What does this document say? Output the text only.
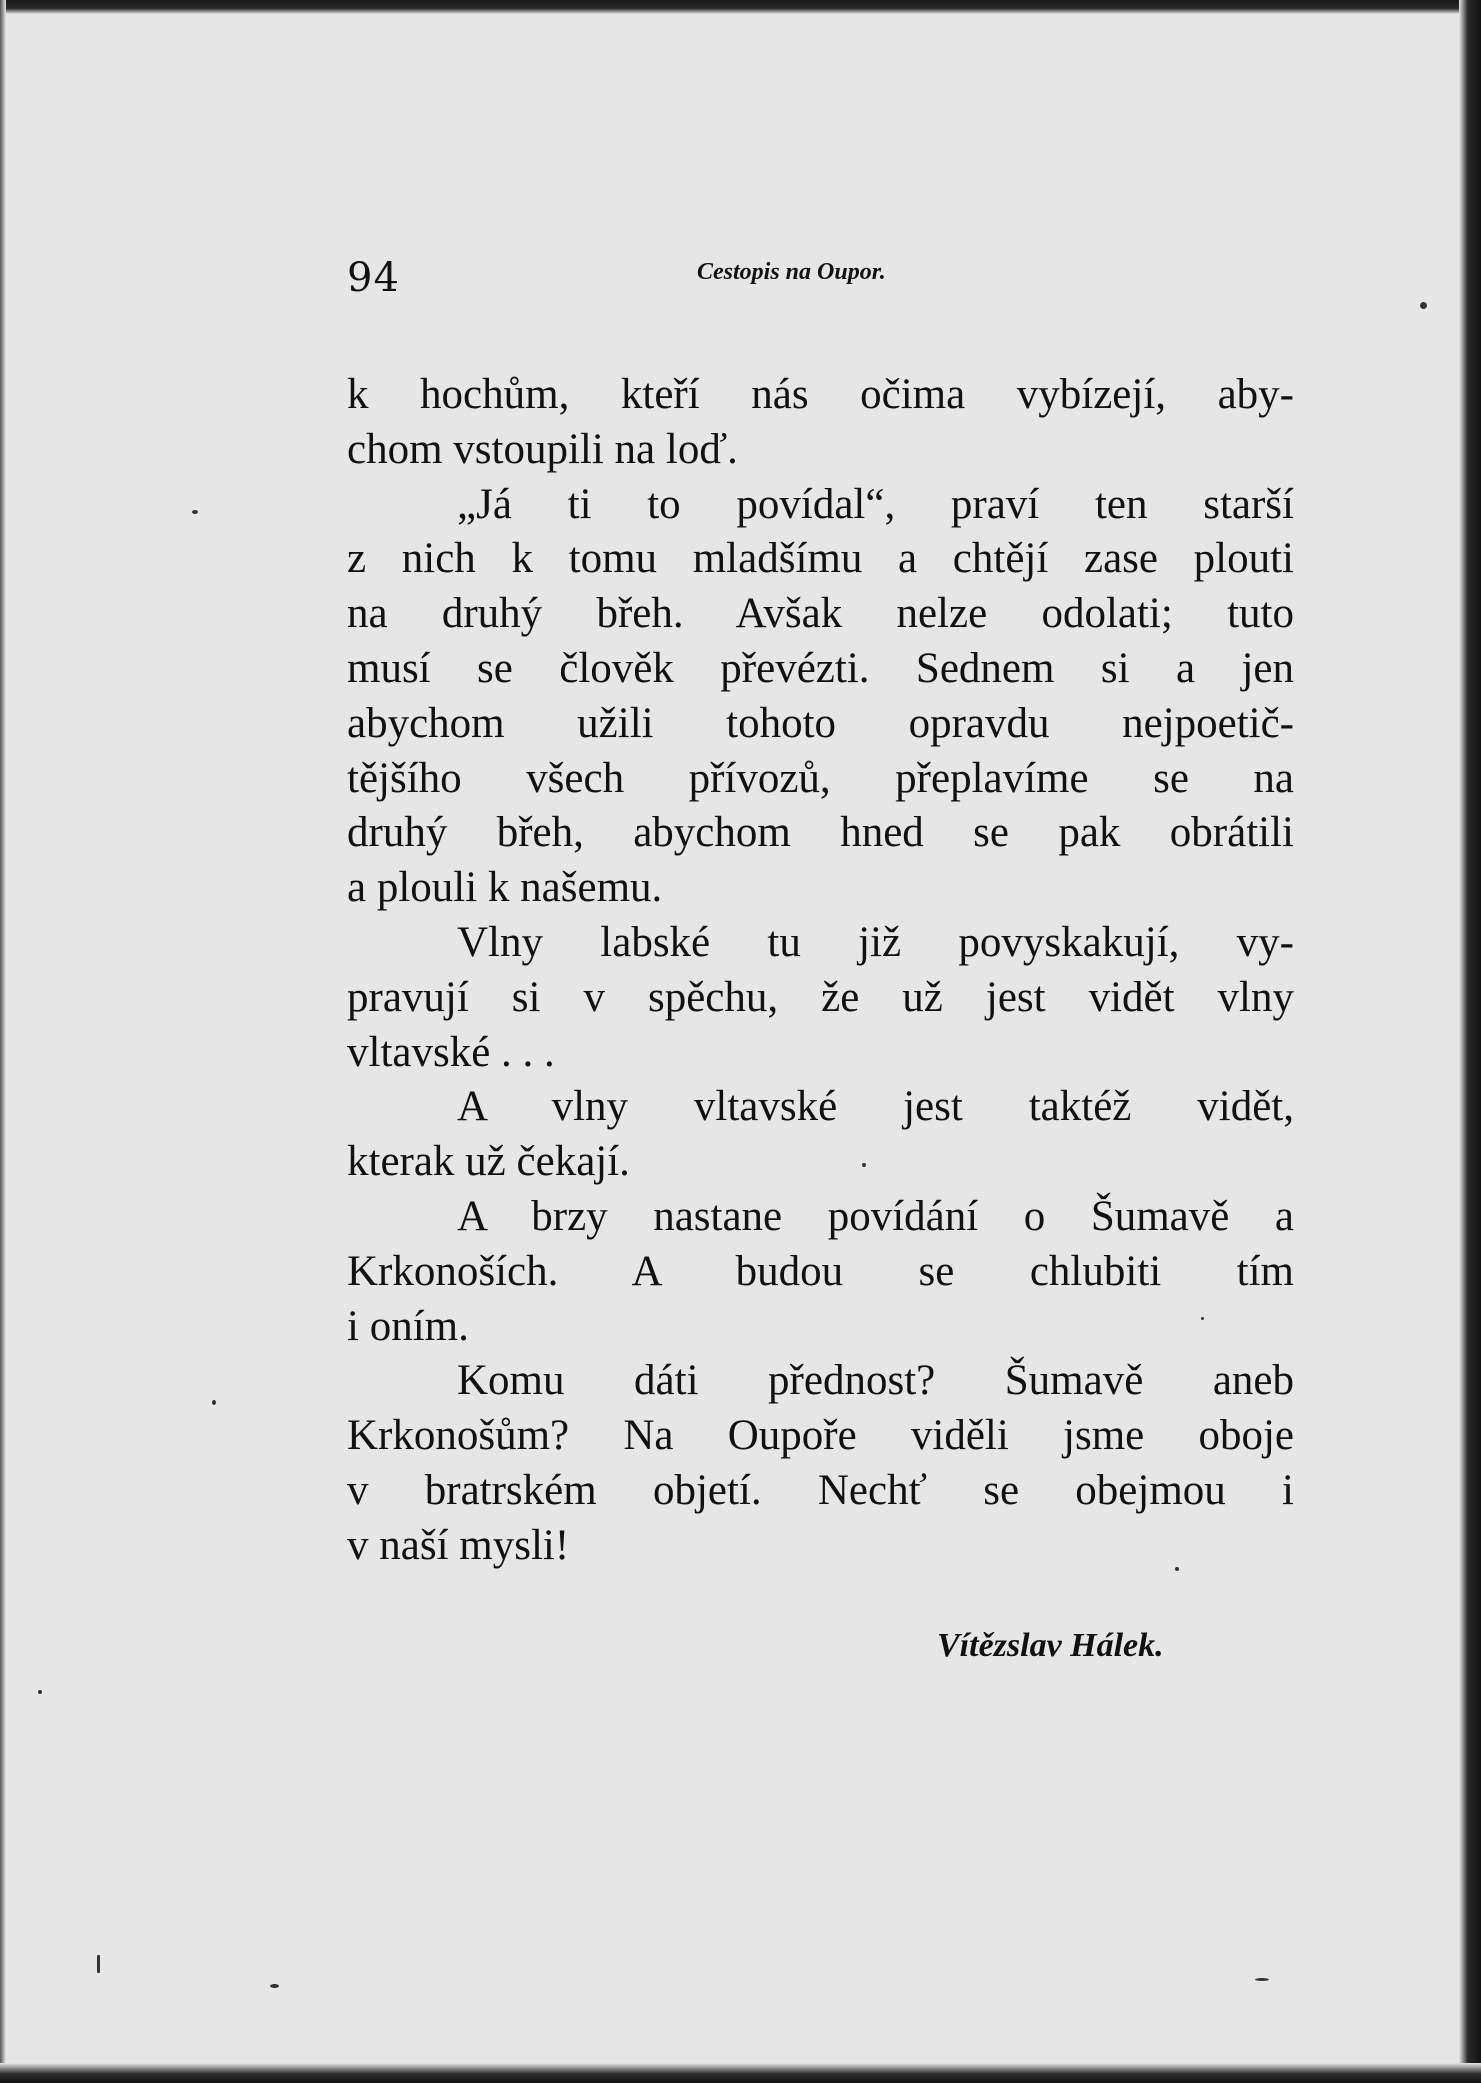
94	Cestopis na Oupor.
k hochům, kteří nás očima vybízejí, aby-
chom vstoupili na loď.
„Já ti to povídal“, praví ten starší
z nich k tomu mladšímu a chtějí zase plouti
na druhý břeh. Avšak nelze odolati; tuto
musí se člověk převézti. Sednem si a jen
abychom užili tohoto opravdu nejpoetič-
tějšího všech přívozů, přeplavíme se na
druhý břeh, abychom hned se pak obrátili
a plouli k našemu.
Vlny labské tu již povyskakují, vy-
pravují si v spěchu, že už jest vidět vlny
vltavské . . .
A vlny vltavské jest taktéž vidět,
kterak už čekají.
A brzy nastane povídání o Šumavě a
Krkonoších. A budou se chlubiti tím
i oním.
Komu dáti přednost? Šumavě aneb
Krkonošům? Na Oupoře viděli jsme oboje
v bratrském objetí. Nechť se obejmou i
v naší mysli!
Vítězslav Hálek.
